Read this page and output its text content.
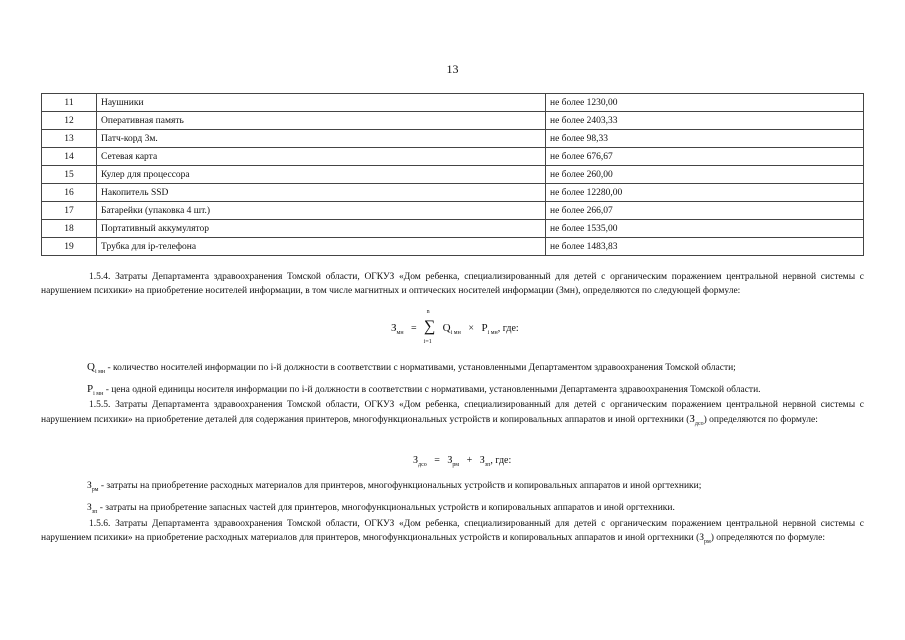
13
11	Наушники	не более 1230,00
12	Оперативная память	не более 2403,33
13	Патч-корд 3м.	не более 98,33
14	Сетевая карта	не более 676,67
15	Кулер для процессора	не более 260,00
16	Накопитель SSD	не более 12280,00
17	Батарейки (упаковка 4 шт.)	не более 266,07
18	Портативный аккумулятор	не более 1535,00
19	Трубка для ip-телефона	не более 1483,83
1.5.4. Затраты Департамента здравоохранения Томской области, ОГКУЗ «Дом ребенка, специализированный для детей с органическим поражением центральной нервной системы с нарушением психики» на приобретение носителей информации, в том числе магнитных и оптических носителей информации (Змн), определяются по следующей формуле:
$З_{мн}$ =
n
∑
i=1
$Q_{i мн} \times P_{i мн}$, где:
$Q_{i мн}$ - количество носителей информации по i-й должности в соответствии с нормативами, установленными Департаментом здравоохранения Томской области;
$P_{i мн}$ - цена одной единицы носителя информации по i-й должности в соответствии с нормативами, установленными Департамента здравоохранения Томской области.
1.5.5. Затраты Департамента здравоохранения Томской области, ОГКУЗ «Дом ребенка, специализированный для детей с органическим поражением центральной нервной системы с нарушением психики» на приобретение деталей для содержания принтеров, многофункциональных устройств и копировальных аппаратов и иной оргтехники $(З_{дсо})$ определяются по формуле:
$З_{дсо} = З_{рм} + З_{зп}$, где:
$З_{рм}$ - затраты на приобретение расходных материалов для принтеров, многофункциональных устройств и копировальных аппаратов и иной оргтехники;
$З_{зп}$ - затраты на приобретение запасных частей для принтеров, многофункциональных устройств и копировальных аппаратов и иной оргтехники.
1.5.6. Затраты Департамента здравоохранения Томской области, ОГКУЗ «Дом ребенка, специализированный для детей с органическим поражением центральной нервной системы с нарушением психики» на приобретение расходных материалов для принтеров, многофункциональных устройств и копировальных аппаратов и иной оргтехники $(З_{рм})$ определяются по формуле:
